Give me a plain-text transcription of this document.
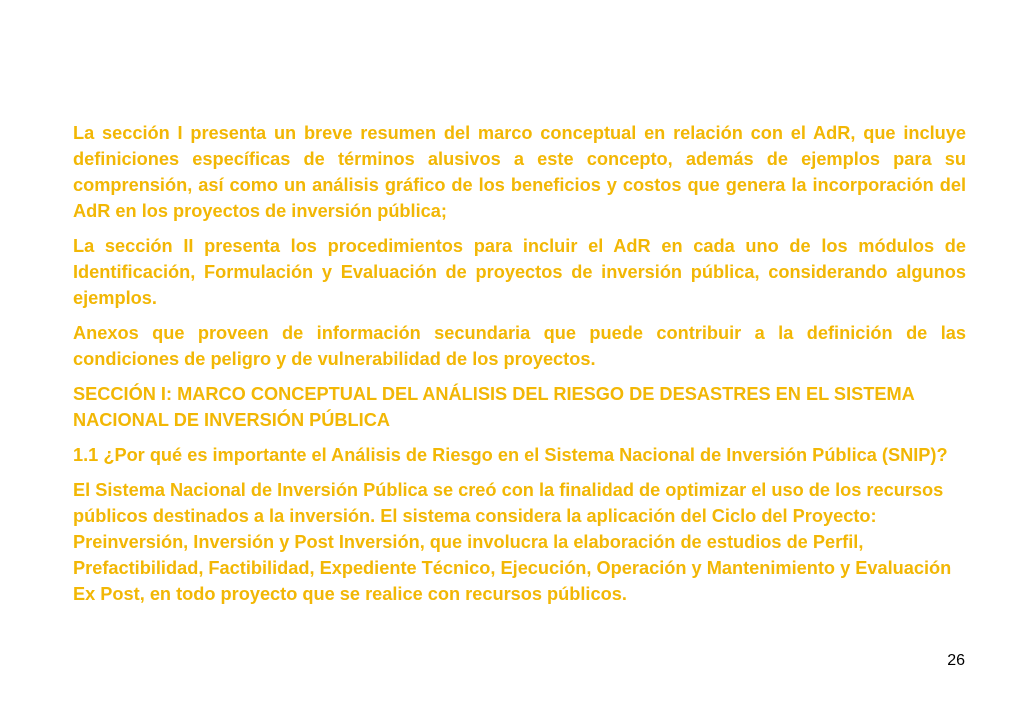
La sección I presenta un breve resumen del marco conceptual en relación con el AdR, que incluye definiciones específicas de términos alusivos a este concepto, además de ejemplos para su comprensión, así como un análisis gráfico de los beneficios y costos que genera la incorporación del AdR en los proyectos de inversión pública;

La sección II presenta los procedimientos para incluir el AdR en cada uno de los módulos de Identificación, Formulación y Evaluación de proyectos de inversión pública, considerando algunos ejemplos.

Anexos que proveen de información secundaria que puede contribuir a la definición de las condiciones de peligro y de vulnerabilidad de los proyectos.

SECCIÓN I: MARCO CONCEPTUAL DEL ANÁLISIS DEL RIESGO DE DESASTRES EN EL SISTEMA NACIONAL DE INVERSIÓN PÚBLICA

1.1 ¿Por qué es importante el Análisis de Riesgo en el Sistema Nacional de Inversión Pública (SNIP)?

El Sistema Nacional de Inversión Pública se creó con la finalidad de optimizar el uso de los recursos públicos destinados a la inversión. El sistema considera la aplicación del Ciclo del Proyecto: Preinversión, Inversión y Post Inversión, que involucra la elaboración de estudios de Perfil, Prefactibilidad, Factibilidad, Expediente Técnico, Ejecución, Operación y Mantenimiento y Evaluación Ex Post, en todo proyecto que se realice con recursos públicos.

26
